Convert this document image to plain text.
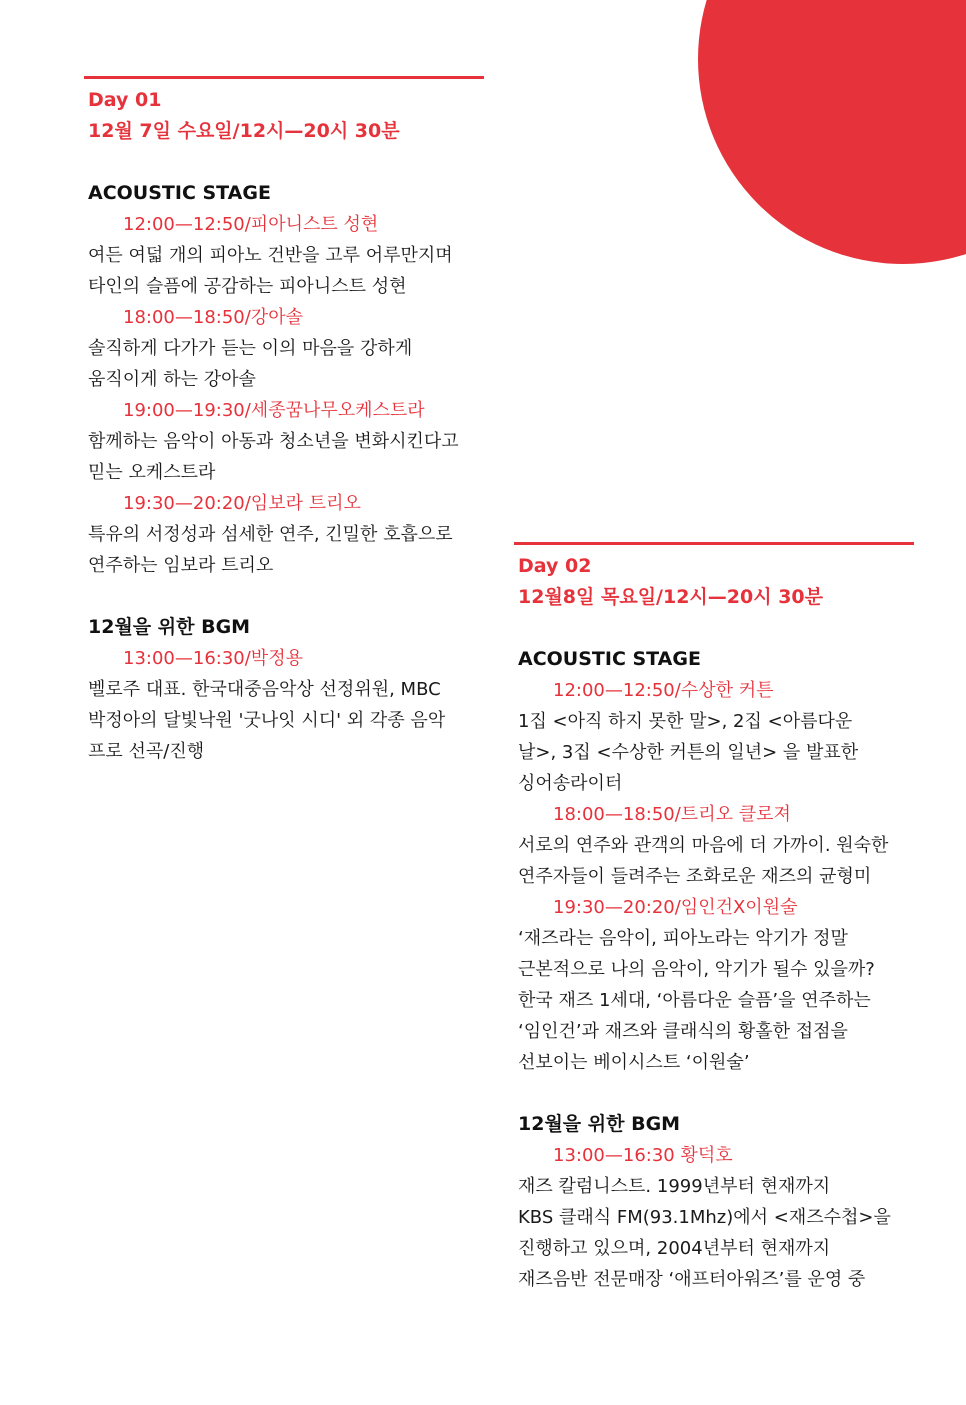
Day 01
12월 7일 수요일/12시—20시 30분
ACOUSTIC STAGE
12:00—12:50/피아니스트 성현
여든 여덟 개의 피아노 건반을 고루 어루만지며
타인의 슬픔에 공감하는 피아니스트 성현
18:00—18:50/강아솔
솔직하게 다가가 듣는 이의 마음을 강하게
움직이게 하는 강아솔
19:00—19:30/세종꿈나무오케스트라
함께하는 음악이 아동과 청소년을 변화시킨다고
믿는 오케스트라
19:30—20:20/임보라 트리오
특유의 서정성과 섬세한 연주, 긴밀한 호흡으로
연주하는 임보라 트리오
12월을 위한 BGM
13:00—16:30/박정용
벨로주 대표. 한국대중음악상 선정위원, MBC
박정아의 달빛낙원 '굿나잇 시디' 외 각종 음악
프로 선곡/진행
Day 02
12월8일 목요일/12시—20시 30분
ACOUSTIC STAGE
12:00—12:50/수상한 커튼
1집 <아직 하지 못한 말>, 2집 <아름다운
날>, 3집 <수상한 커튼의 일년> 을 발표한
싱어송라이터
18:00—18:50/트리오 클로져
서로의 연주와 관객의 마음에 더 가까이. 원숙한
연주자들이 들려주는 조화로운 재즈의 균형미
19:30—20:20/임인건X이원술
‘재즈라는 음악이, 피아노라는 악기가 정말
근본적으로 나의 음악이, 악기가 될수 있을까?
한국 재즈 1세대, ‘아름다운 슬픔’을 연주하는
‘임인건’과 재즈와 클래식의 황홀한 접점을
선보이는 베이시스트 ‘이원술’
12월을 위한 BGM
13:00—16:30 황덕호
재즈 칼럼니스트. 1999년부터 현재까지
KBS 클래식 FM(93.1Mhz)에서 <재즈수첩>을
진행하고 있으며, 2004년부터 현재까지
재즈음반 전문매장 ‘애프터아워즈’를 운영 중
